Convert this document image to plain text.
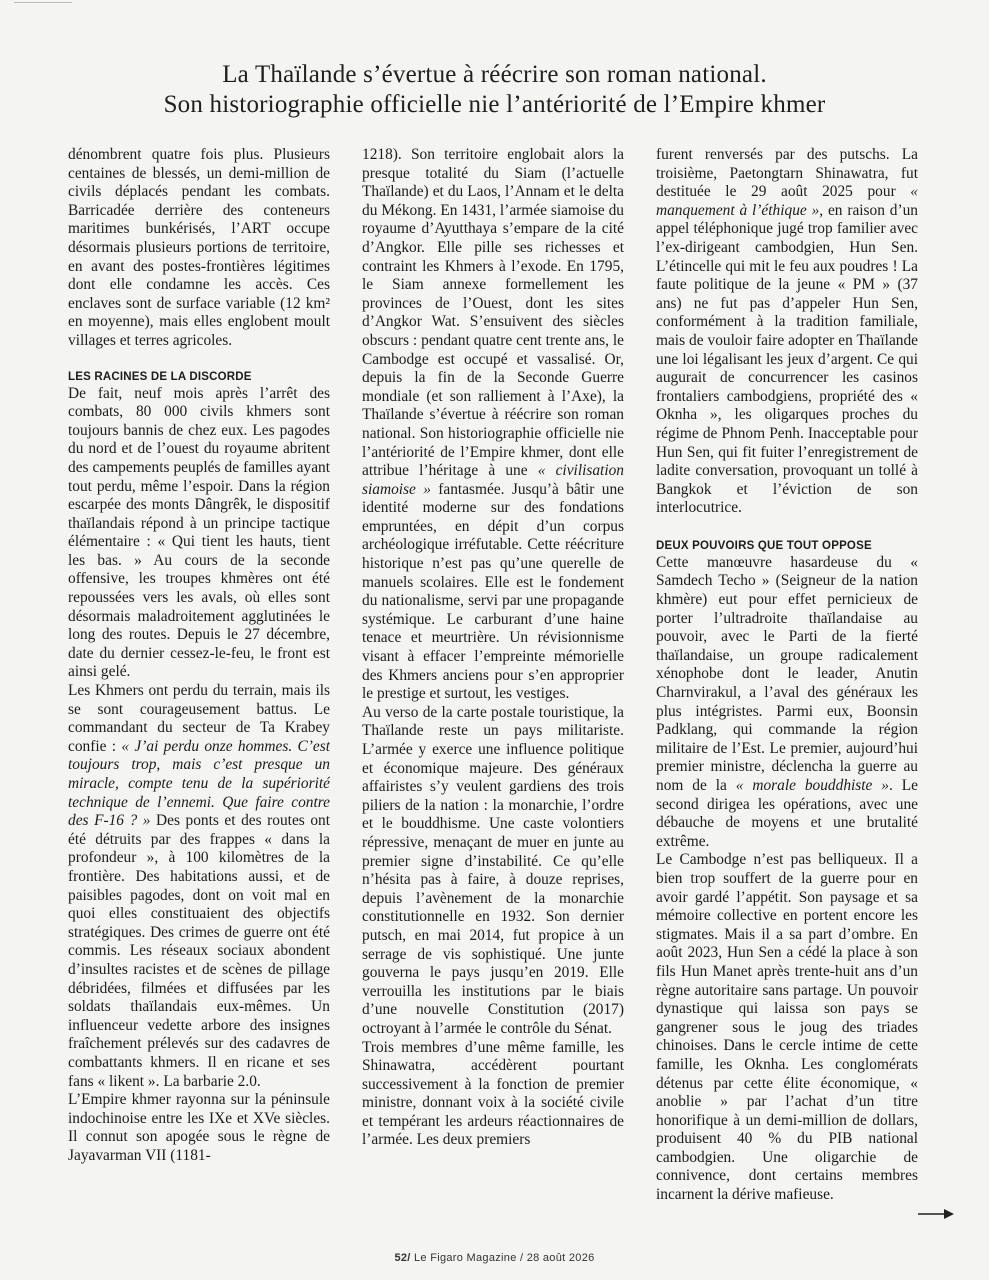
La Thaïlande s’évertue à réécrire son roman national.
Son historiographie officielle nie l’antériorité de l’Empire khmer

dénombrent quatre fois plus. Plusieurs centaines de blessés, un demi-million de civils déplacés pendant les combats. Barricadée derrière des conteneurs maritimes bunkérisés, l’ART occupe désormais plusieurs portions de territoire, en avant des postes-frontières légitimes dont elle condamne les accès. Ces enclaves sont de surface variable (12 km² en moyenne), mais elles englobent moult villages et terres agricoles.

LES RACINES DE LA DISCORDE

De fait, neuf mois après l’arrêt des combats, 80 000 civils khmers sont toujours bannis de chez eux. Les pagodes du nord et de l’ouest du royaume abritent des campements peuplés de familles ayant tout perdu, même l’espoir. Dans la région escarpée des monts Dângrêk, le dispositif thaïlandais répond à un principe tactique élémentaire : « Qui tient les hauts, tient les bas. » Au cours de la seconde offensive, les troupes khmères ont été repoussées vers les avals, où elles sont désormais maladroitement agglutinées le long des routes. Depuis le 27 décembre, date du dernier cessez-le-feu, le front est ainsi gelé.

Les Khmers ont perdu du terrain, mais ils se sont courageusement battus. Le commandant du secteur de Ta Krabey confie : « J’ai perdu onze hommes. C’est toujours trop, mais c’est presque un miracle, compte tenu de la supériorité technique de l’ennemi. Que faire contre des F-16 ? » Des ponts et des routes ont été détruits par des frappes « dans la profondeur », à 100 kilomètres de la frontière. Des habitations aussi, et de paisibles pagodes, dont on voit mal en quoi elles constituaient des objectifs stratégiques. Des crimes de guerre ont été commis. Les réseaux sociaux abondent d’insultes racistes et de scènes de pillage débridées, filmées et diffusées par les soldats thaïlandais eux-mêmes. Un influenceur vedette arbore des insignes fraîchement prélevés sur des cadavres de combattants khmers. Il en ricane et ses fans « likent ». La barbarie 2.0.

L’Empire khmer rayonna sur la péninsule indochinoise entre les IXe et XVe siècles. Il connut son apogée sous le règne de Jayavarman VII (1181-

1218). Son territoire englobait alors la presque totalité du Siam (l’actuelle Thaïlande) et du Laos, l’Annam et le delta du Mékong. En 1431, l’armée siamoise du royaume d’Ayutthaya s’empare de la cité d’Angkor. Elle pille ses richesses et contraint les Khmers à l’exode. En 1795, le Siam annexe formellement les provinces de l’Ouest, dont les sites d’Angkor Wat. S’ensuivent des siècles obscurs : pendant quatre cent trente ans, le Cambodge est occupé et vassalisé. Or, depuis la fin de la Seconde Guerre mondiale (et son ralliement à l’Axe), la Thaïlande s’évertue à réécrire son roman national. Son historiographie officielle nie l’antériorité de l’Empire khmer, dont elle attribue l’héritage à une « civilisation siamoise » fantasmée. Jusqu’à bâtir une identité moderne sur des fondations empruntées, en dépit d’un corpus archéologique irréfutable. Cette réécriture historique n’est pas qu’une querelle de manuels scolaires. Elle est le fondement du nationalisme, servi par une propagande systémique. Le carburant d’une haine tenace et meurtrière. Un révisionnisme visant à effacer l’empreinte mémorielle des Khmers anciens pour s’en approprier le prestige et surtout, les vestiges.

Au verso de la carte postale touristique, la Thaïlande reste un pays militariste. L’armée y exerce une influence politique et économique majeure. Des généraux affairistes s’y veulent gardiens des trois piliers de la nation : la monarchie, l’ordre et le bouddhisme. Une caste volontiers répressive, menaçant de muer en junte au premier signe d’instabilité. Ce qu’elle n’hésita pas à faire, à douze reprises, depuis l’avènement de la monarchie constitutionnelle en 1932. Son dernier putsch, en mai 2014, fut propice à un serrage de vis sophistiqué. Une junte gouverna le pays jusqu’en 2019. Elle verrouilla les institutions par le biais d’une nouvelle Constitution (2017) octroyant à l’armée le contrôle du Sénat.

Trois membres d’une même famille, les Shinawatra, accédèrent pourtant successivement à la fonction de premier ministre, donnant voix à la société civile et tempérant les ardeurs réactionnaires de l’armée. Les deux premiers

furent renversés par des putschs. La troisième, Paetongtarn Shinawatra, fut destituée le 29 août 2025 pour « manquement à l’éthique », en raison d’un appel téléphonique jugé trop familier avec l’ex-dirigeant cambodgien, Hun Sen. L’étincelle qui mit le feu aux poudres ! La faute politique de la jeune « PM » (37 ans) ne fut pas d’appeler Hun Sen, conformément à la tradition familiale, mais de vouloir faire adopter en Thaïlande une loi légalisant les jeux d’argent. Ce qui augurait de concurrencer les casinos frontaliers cambodgiens, propriété des « Oknha », les oligarques proches du régime de Phnom Penh. Inacceptable pour Hun Sen, qui fit fuiter l’enregistrement de ladite conversation, provoquant un tollé à Bangkok et l’éviction de son interlocutrice.

DEUX POUVOIRS QUE TOUT OPPOSE

Cette manœuvre hasardeuse du « Samdech Techo » (Seigneur de la nation khmère) eut pour effet pernicieux de porter l’ultradroite thaïlandaise au pouvoir, avec le Parti de la fierté thaïlandaise, un groupe radicalement xénophobe dont le leader, Anutin Charnvirakul, a l’aval des généraux les plus intégristes. Parmi eux, Boonsin Padklang, qui commande la région militaire de l’Est. Le premier, aujourd’hui premier ministre, déclencha la guerre au nom de la « morale bouddhiste ». Le second dirigea les opérations, avec une débauche de moyens et une brutalité extrême.

Le Cambodge n’est pas belliqueux. Il a bien trop souffert de la guerre pour en avoir gardé l’appétit. Son paysage et sa mémoire collective en portent encore les stigmates. Mais il a sa part d’ombre. En août 2023, Hun Sen a cédé la place à son fils Hun Manet après trente-huit ans d’un règne autoritaire sans partage. Un pouvoir dynastique qui laissa son pays se gangrener sous le joug des triades chinoises. Dans le cercle intime de cette famille, les Oknha. Les conglomérats détenus par cette élite économique, « anoblie » par l’achat d’un titre honorifique à un demi-million de dollars, produisent 40 % du PIB national cambodgien. Une oligarchie de connivence, dont certains membres incarnent la dérive mafieuse.

52/ Le Figaro Magazine / 28 août 2026
